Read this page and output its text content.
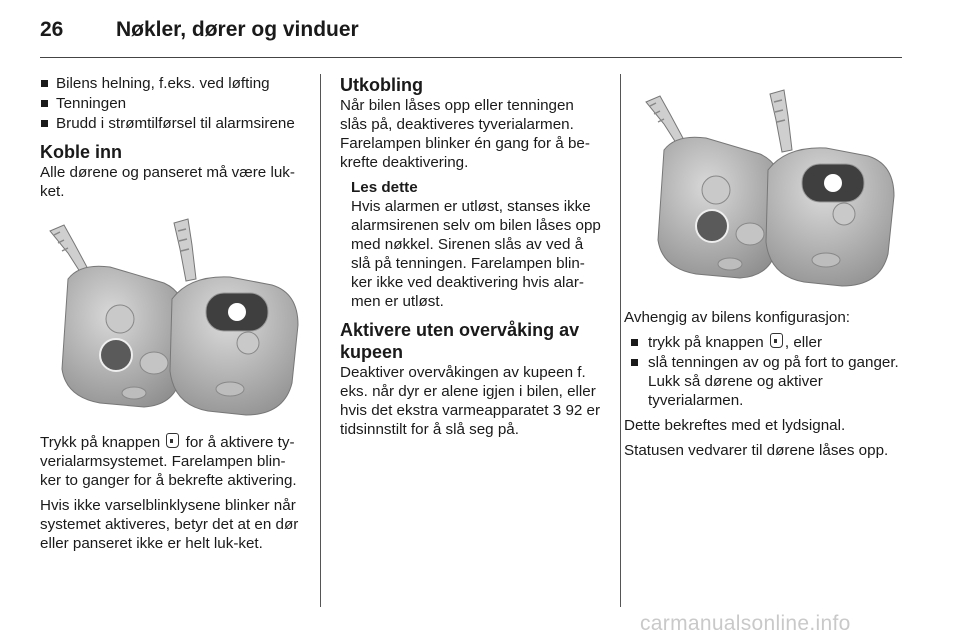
26	Nøkler, dører og vinduer
Bilens helning, f.eks. ved løfting
Tenningen
Brudd i strømtilførsel til alarmsirene
Koble inn

Alle dørene og panseret må være luk-ket.

Trykk på knappen for å aktivere ty-verialarmsystemet. Farelampen blin-ker to ganger for å bekrefte aktivering.

Hvis ikke varselblinklysene blinker når systemet aktiveres, betyr det at en dør eller panseret ikke er helt luk-ket.

Utkobling

Når bilen låses opp eller tenningen slås på, deaktiveres tyverialarmen. Farelampen blinker én gang for å be-krefte deaktivering.

Les dette
Hvis alarmen er utløst, stanses ikke alarmsirenen selv om bilen låses opp med nøkkel. Sirenen slås av ved å slå på tenningen. Farelampen blin-ker ikke ved deaktivering hvis alar-men er utløst.
Aktivere uten overvåking av kupeen

Deaktiver overvåkingen av kupeen f. eks. når dyr er alene igjen i bilen, eller hvis det ekstra varmeapparatet 3 92 er tidsinnstilt for å slå seg på.

Avhengig av bilens konfigurasjon:

trykk på knappen , eller
slå tenningen av og på fort to ganger. Lukk så dørene og aktiver tyverialarmen.

Dette bekreftes med et lydsignal.

Statusen vedvarer til dørene låses opp.

carmanualsonline.info
